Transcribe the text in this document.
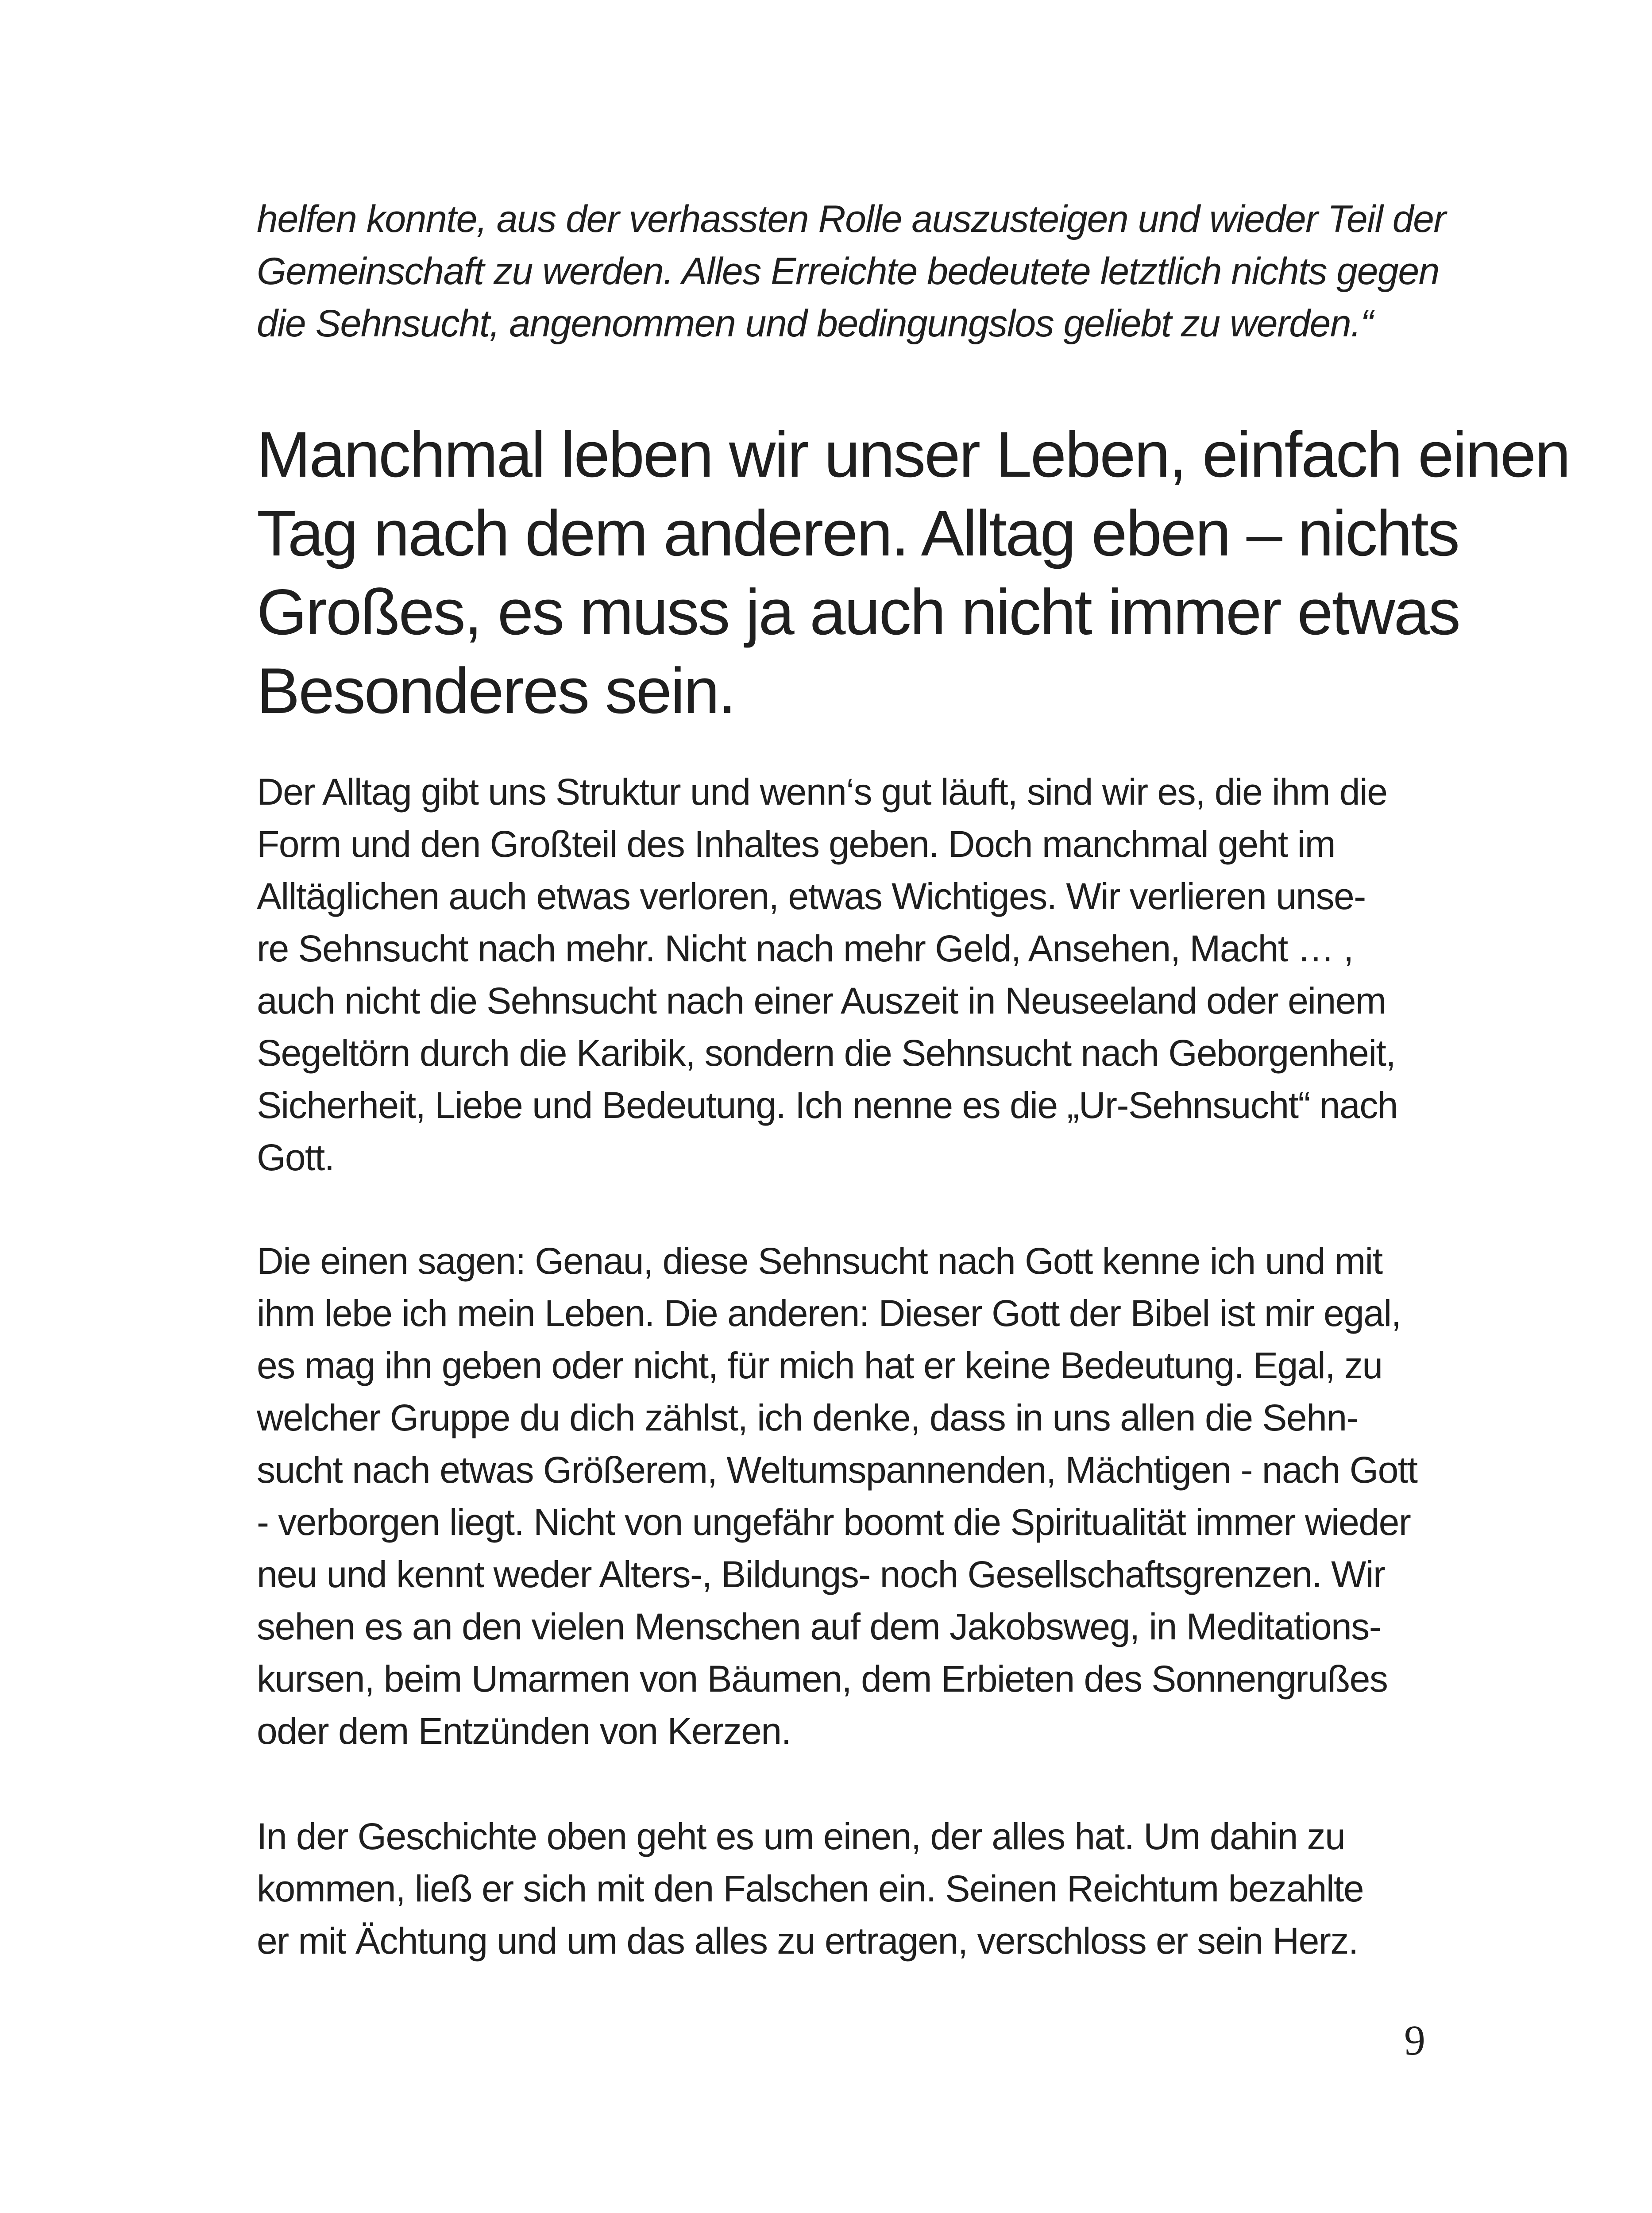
helfen konnte, aus der verhassten Rolle auszusteigen und wieder Teil der
Gemeinschaft zu werden. Alles Erreichte bedeutete letztlich nichts gegen
die Sehnsucht, angenommen und bedingungslos geliebt zu werden.“
Manchmal leben wir unser Leben, einfach einen
Tag nach dem anderen. Alltag eben – nichts
Großes, es muss ja auch nicht immer etwas
Besonderes sein.

Der Alltag gibt uns Struktur und wenn‘s gut läuft, sind wir es, die ihm die
Form und den Großteil des Inhaltes geben. Doch manchmal geht im
Alltäglichen auch etwas verloren, etwas Wichtiges. Wir verlieren unse-
re Sehnsucht nach mehr. Nicht nach mehr Geld, Ansehen, Macht … ,
auch nicht die Sehnsucht nach einer Auszeit in Neuseeland oder einem
Segeltörn durch die Karibik, sondern die Sehnsucht nach Geborgenheit,
Sicherheit, Liebe und Bedeutung. Ich nenne es die „Ur-Sehnsucht“ nach
Gott.

Die einen sagen: Genau, diese Sehnsucht nach Gott kenne ich und mit
ihm lebe ich mein Leben. Die anderen: Dieser Gott der Bibel ist mir egal,
es mag ihn geben oder nicht, für mich hat er keine Bedeutung. Egal, zu
welcher Gruppe du dich zählst, ich denke, dass in uns allen die Sehn-
sucht nach etwas Größerem, Weltumspannenden, Mächtigen - nach Gott
- verborgen liegt. Nicht von ungefähr boomt die Spiritualität immer wieder
neu und kennt weder Alters-, Bildungs- noch Gesellschaftsgrenzen. Wir
sehen es an den vielen Menschen auf dem Jakobsweg, in Meditations-
kursen, beim Umarmen von Bäumen, dem Erbieten des Sonnengrußes
oder dem Entzünden von Kerzen.

In der Geschichte oben geht es um einen, der alles hat. Um dahin zu
kommen, ließ er sich mit den Falschen ein. Seinen Reichtum bezahlte
er mit Ächtung und um das alles zu ertragen, verschloss er sein Herz.

9
